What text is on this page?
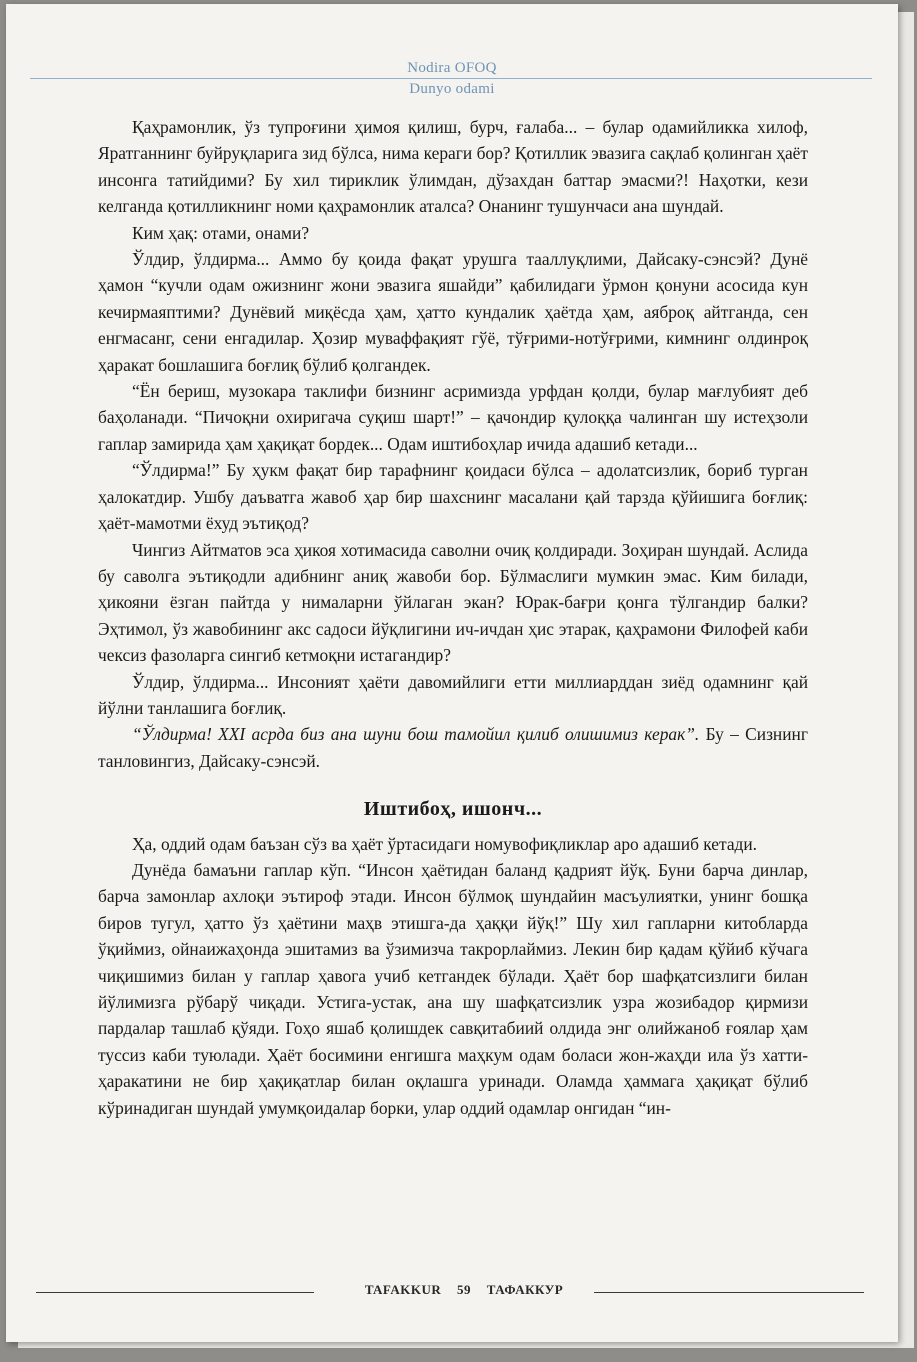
Nodira OFOQ
Dunyo odami

Қаҳрамонлик, ўз тупроғини ҳимоя қилиш, бурч, ғалаба... – булар одамийликка хилоф, Яратганнинг буйруқларига зид бўлса, нима кераги бор? Қотиллик эвазига сақлаб қолинган ҳаёт инсонга татийдими? Бу хил тириклик ўлимдан, дўзахдан баттар эмасми?! Наҳотки, кези келганда қотилликнинг номи қаҳрамонлик аталса? Онанинг тушунчаси ана шундай.

Ким ҳақ: отами, онами?

Ўлдир, ўлдирма... Аммо бу қоида фақат урушга тааллуқлими, Дайсаку-сэнсэй? Дунё ҳамон “кучли одам ожизнинг жони эвазига яшайди” қабилидаги ўрмон қонуни асосида кун кечирмаяптими? Дунёвий миқёсда ҳам, ҳатто кундалик ҳаётда ҳам, аяброқ айтганда, сен енгмасанг, сени енгадилар. Ҳозир муваффақият гўё, тўғрими-нотўғрими, кимнинг олдинроқ ҳаракат бошлашига боғлиқ бўлиб қолгандек.

“Ён бериш, музокара таклифи бизнинг асримизда урфдан қолди, булар мағлубият деб баҳоланади. “Пичоқни охиригача суқиш шарт!” – қачондир қулоққа чалинган шу истеҳзоли гаплар замирида ҳам ҳақиқат бордек... Одам иштибоҳлар ичида адашиб кетади...

“Ўлдирма!” Бу ҳукм фақат бир тарафнинг қоидаси бўлса – адолатсизлик, бориб турган ҳалокатдир. Ушбу даъватга жавоб ҳар бир шахснинг масалани қай тарзда қўйишига боғлиқ: ҳаёт-мамотми ёхуд эътиқод?

Чингиз Айтматов эса ҳикоя хотимасида саволни очиқ қолдиради. Зоҳиран шундай. Аслида бу саволга эътиқодли адибнинг аниқ жавоби бор. Бўлмаслиги мумкин эмас. Ким билади, ҳикояни ёзган пайтда у нималарни ўйлаган экан? Юрак-бағри қонга тўлгандир балки? Эҳтимол, ўз жавобининг акс садоси йўқлигини ич-ичдан ҳис этарак, қаҳрамони Филофей каби чексиз фазоларга сингиб кетмоқни истагандир?

Ўлдир, ўлдирма... Инсоният ҳаёти давомийлиги етти миллиарддан зиёд одамнинг қай йўлни танлашига боғлиқ.

“Ўлдирма! XXI асрда биз ана шуни бош тамойил қилиб олишимиз керак”. Бу – Сизнинг танловингиз, Дайсаку-сэнсэй.

Иштибоҳ, ишонч...

Ҳа, оддий одам баъзан сўз ва ҳаёт ўртасидаги номувофиқликлар аро адашиб кетади.

Дунёда бамаъни гаплар кўп. “Инсон ҳаётидан баланд қадрият йўқ. Буни барча динлар, барча замонлар ахлоқи эътироф этади. Инсон бўлмоқ шундайин масъулиятки, унинг бошқа биров тугул, ҳатто ўз ҳаётини маҳв этишга-да ҳаққи йўқ!” Шу хил гапларни китобларда ўқиймиз, ойнаижаҳонда эшитамиз ва ўзимизча такрорлаймиз. Лекин бир қадам қўйиб кўчага чиқишимиз билан у гаплар ҳавога учиб кетгандек бўлади. Ҳаёт бор шафқатсизлиги билан йўлимизга рўбарў чиқади. Устига-устак, ана шу шафқатсизлик узра жозибадор қирмизи пардалар ташлаб қўяди. Гоҳо яшаб қолишдек савқитабиий олдида энг олийжаноб ғоялар ҳам туссиз каби туюлади. Ҳаёт босимини енгишга маҳкум одам боласи жон-жаҳди ила ўз хатти-ҳаракатини не бир ҳақиқатлар билан оқлашга уринади. Оламда ҳаммага ҳақиқат бўлиб кўринадиган шундай умумқоидалар борки, улар оддий одамлар онгидан “ин-

TAFAKKUR 59 ТАФАККУР
